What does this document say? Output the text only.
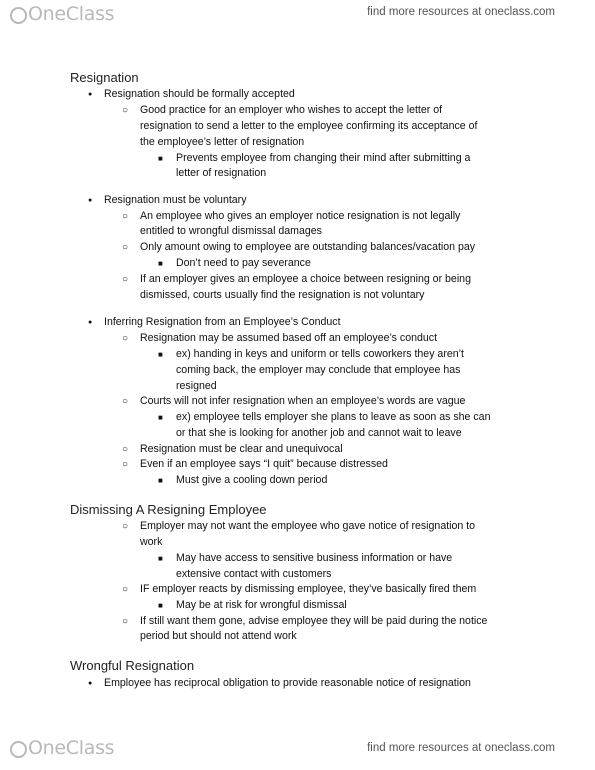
OneClass	find more resources at oneclass.com
Resignation
● Resignation should be formally accepted
○ Good practice for an employer who wishes to accept the letter of
resignation to send a letter to the employee confirming its acceptance of
the employee’s letter of resignation
■ Prevents employee from changing their mind after submitting a
letter of resignation
● Resignation must be voluntary
○ An employee who gives an employer notice resignation is not legally
entitled to wrongful dismissal damages
○ Only amount owing to employee are outstanding balances/vacation pay
■ Don’t need to pay severance
○ If an employer gives an employee a choice between resigning or being
dismissed, courts usually find the resignation is not voluntary
● Inferring Resignation from an Employee’s Conduct
○ Resignation may be assumed based off an employee’s conduct
■ ex) handing in keys and uniform or tells coworkers they aren’t
coming back, the employer may conclude that employee has
resigned
○ Courts will not infer resignation when an employee’s words are vague
■ ex) employee tells employer she plans to leave as soon as she can
or that she is looking for another job and cannot wait to leave
○ Resignation must be clear and unequivocal
○ Even if an employee says “I quit” because distressed
■ Must give a cooling down period
Dismissing A Resigning Employee
○ Employer may not want the employee who gave notice of resignation to
work
■ May have access to sensitive business information or have
extensive contact with customers
○ IF employer reacts by dismissing employee, they’ve basically fired them
■ May be at risk for wrongful dismissal
○ If still want them gone, advise employee they will be paid during the notice
period but should not attend work
Wrongful Resignation
● Employee has reciprocal obligation to provide reasonable notice of resignation
OneClass	find more resources at oneclass.com
